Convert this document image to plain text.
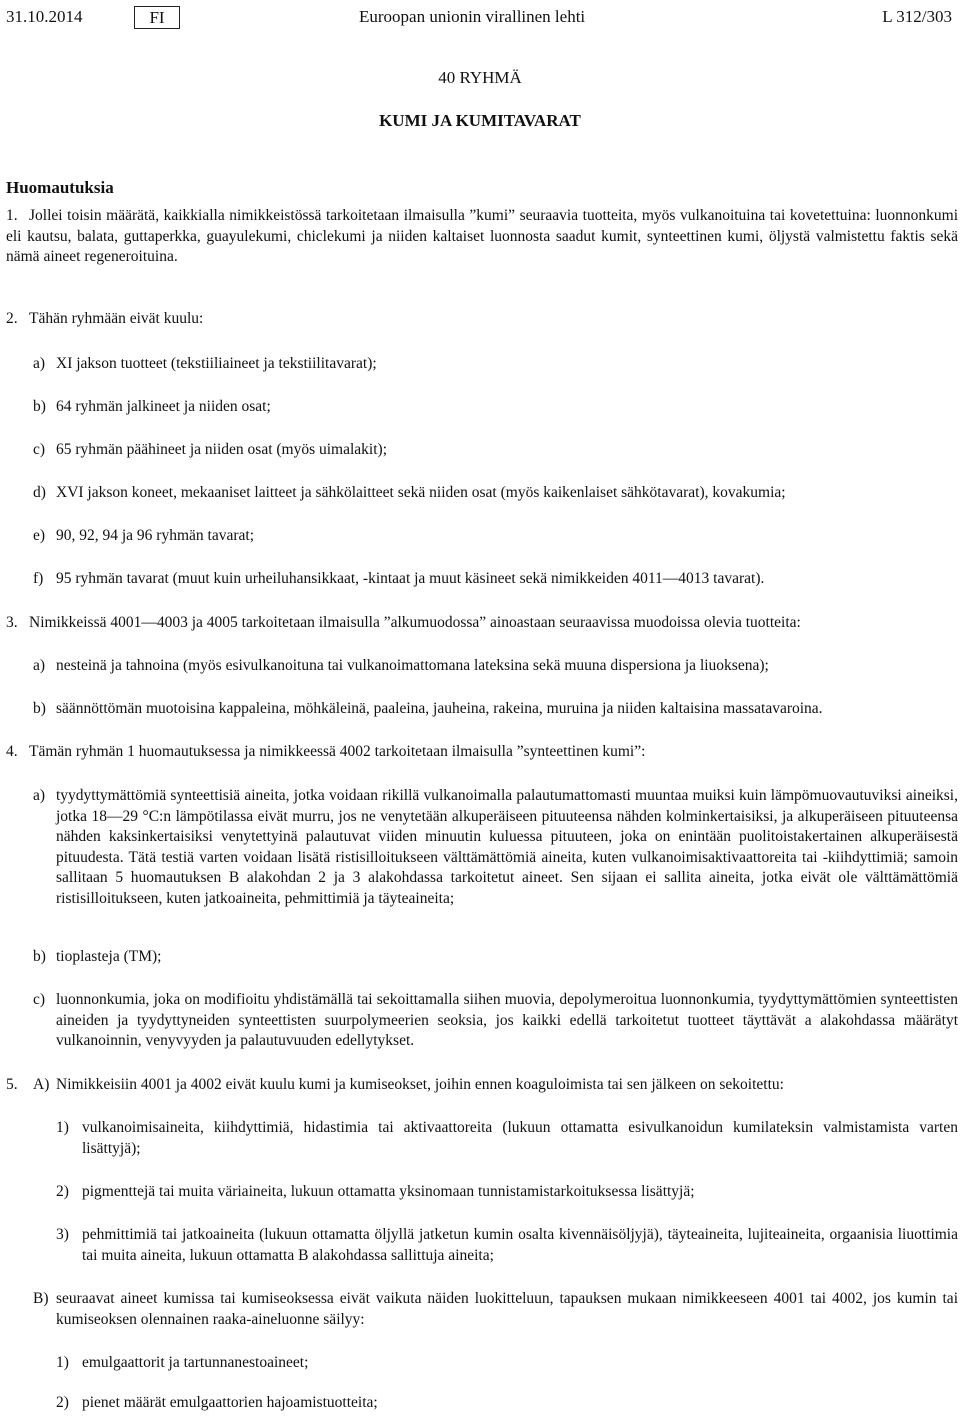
31.10.2014	FI	Euroopan unionin virallinen lehti	L 312/303
40 RYHMÄ
KUMI JA KUMITAVARAT
Huomautuksia
1. Jollei toisin määrätä, kaikkialla nimikkeistössä tarkoitetaan ilmaisulla ”kumi” seuraavia tuotteita, myös vulkanoituina tai kovetettuina: luonnonkumi eli kautsu, balata, guttaperkka, guayulekumi, chiclekumi ja niiden kaltaiset luonnosta saadut kumit, synteettinen kumi, öljystä valmistettu faktis sekä nämä aineet regeneroituina.

2. Tähän ryhmään eivät kuulu:

a) XI jakson tuotteet (tekstiiliaineet ja tekstiilitavarat);

b) 64 ryhmän jalkineet ja niiden osat;

c) 65 ryhmän päähineet ja niiden osat (myös uimalakit);

d) XVI jakson koneet, mekaaniset laitteet ja sähkölaitteet sekä niiden osat (myös kaikenlaiset sähkötavarat), kovakumia;

e) 90, 92, 94 ja 96 ryhmän tavarat;

f) 95 ryhmän tavarat (muut kuin urheiluhansikkaat, -kintaat ja muut käsineet sekä nimikkeiden 4011—4013 tavarat).

3. Nimikkeissä 4001—4003 ja 4005 tarkoitetaan ilmaisulla ”alkumuodossa” ainoastaan seuraavissa muodoissa olevia tuotteita:

a) nesteinä ja tahnoina (myös esivulkanoituna tai vulkanoimattomana lateksina sekä muuna dispersiona ja liuoksena);

b) säännöttömän muotoisina kappaleina, möhkäleinä, paaleina, jauheina, rakeina, muruina ja niiden kaltaisina massatavaroina.

4. Tämän ryhmän 1 huomautuksessa ja nimikkeessä 4002 tarkoitetaan ilmaisulla ”synteettinen kumi”:

a) tyydyttymättömiä synteettisiä aineita, jotka voidaan rikillä vulkanoimalla palautumattomasti muuntaa muiksi kuin lämpömuovautuviksi aineiksi, jotka 18—29 °C:n lämpötilassa eivät murru, jos ne venytetään alkuperäiseen pituuteensa nähden kolminkertaisiksi, ja alkuperäiseen pituuteensa nähden kaksinkertaisiksi venytettyinä palautuvat viiden minuutin kuluessa pituuteen, joka on enintään puolitoistakertainen alkuperäisestä pituudesta. Tätä testiä varten voidaan lisätä ristisilloitukseen välttämättömiä aineita, kuten vulkanoimisaktivaattoreita tai -kiihdyttimiä; samoin sallitaan 5 huomautuksen B alakohdan 2 ja 3 alakohdassa tarkoitetut aineet. Sen sijaan ei sallita aineita, jotka eivät ole välttämättömiä ristisilloitukseen, kuten jatkoaineita, pehmittimiä ja täyteaineita;

b) tioplasteja (TM);

c) luonnonkumia, joka on modifioitu yhdistämällä tai sekoittamalla siihen muovia, depolymeroitua luonnonkumia, tyydyttymättömien synteettisten aineiden ja tyydyttyneiden synteettisten suurpolymeerien seoksia, jos kaikki edellä tarkoitetut tuotteet täyttävät a alakohdassa määrätyt vulkanoinnin, venyvyyden ja palautuvuuden edellytykset.

5. A) Nimikkeisiin 4001 ja 4002 eivät kuulu kumi ja kumiseokset, joihin ennen koaguloimista tai sen jälkeen on sekoitettu:

1) vulkanoimisaineita, kiihdyttimiä, hidastimia tai aktivaattoreita (lukuun ottamatta esivulkanoidun kumilateksin valmistamista varten lisättyjä);

2) pigmenttejä tai muita väriaineita, lukuun ottamatta yksinomaan tunnistamistarkoituksessa lisättyjä;

3) pehmittimiä tai jatkoaineita (lukuun ottamatta öljyllä jatketun kumin osalta kivennäisöljyjä), täyteaineita, lujiteaineita, orgaanisia liuottimia tai muita aineita, lukuun ottamatta B alakohdassa sallittuja aineita;

B) seuraavat aineet kumissa tai kumiseoksessa eivät vaikuta näiden luokitteluun, tapauksen mukaan nimikkeeseen 4001 tai 4002, jos kumin tai kumiseoksen olennainen raaka-aineluonne säilyy:

1) emulgaattorit ja tartunnanestoaineet;

2) pienet määrät emulgaattorien hajoamistuotteita;
